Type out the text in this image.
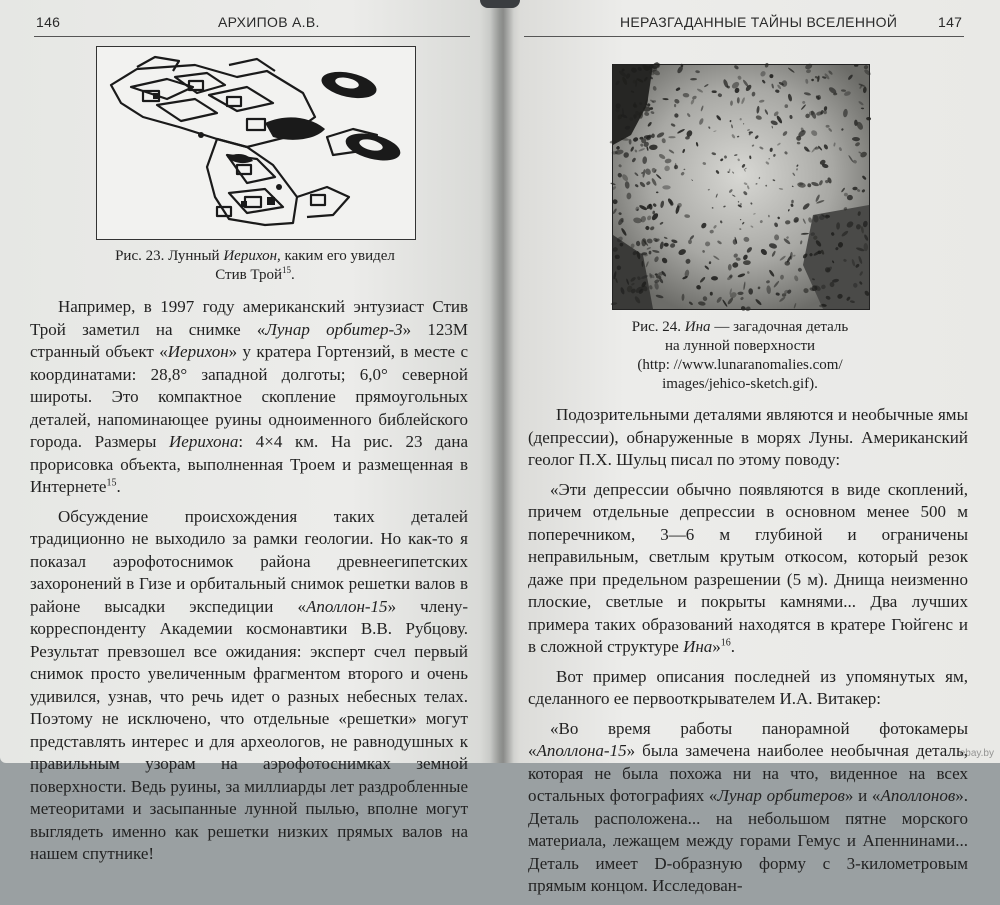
146	АРХИПОВ А.В.
Рис. 23. Лунный Иерихон, каким его увидел
Стив Трой$^{15}$.

Например, в 1997 году американский энтузиаст Стив Трой заметил на снимке «Лунар орбитер-3» 123М странный объект «Иерихон» у кратера Гортензий, в месте с координатами: 28,8° западной долготы; 6,0° северной широты. Это компактное скопление прямоугольных деталей, напоминающее руины одноименного библейского города. Размеры Иерихона: 4×4 км. На рис. 23 дана прорисовка объекта, выполненная Троем и размещенная в Интернете$^{15}$.

Обсуждение происхождения таких деталей традиционно не выходило за рамки геологии. Но как-то я показал аэрофотоснимок района древнеегипетских захоронений в Гизе и орбитальный снимок решетки валов в районе высадки экспедиции «Аполлон-15» члену-корреспонденту Академии космонавтики В.В. Рубцову. Результат превзошел все ожидания: эксперт счел первый снимок просто увеличенным фрагментом второго и очень удивился, узнав, что речь идет о разных небесных телах. Поэтому не исключено, что отдельные «решетки» могут представлять интерес и для археологов, не равнодушных к правильным узорам на аэрофотоснимках земной поверхности. Ведь руины, за миллиарды лет раздробленные метеоритами и засыпанные лунной пылью, вполне могут выглядеть именно как решетки низких прямых валов на нашем спутнике!

НЕРАЗГАДАННЫЕ ТАЙНЫ ВСЕЛЕННОЙ	147
Рис. 24. Ина — загадочная деталь
на лунной поверхности
(http: //www.lunaranomalies.com/
images/jehico-sketch.gif).

Подозрительными деталями являются и необычные ямы (депрессии), обнаруженные в морях Луны. Американский геолог П.Х. Шульц писал по этому поводу:

«Эти депрессии обычно появляются в виде скоплений, причем отдельные депрессии в основном менее 500 м поперечником, 3—6 м глубиной и ограничены неправильным, светлым крутым откосом, который резок даже при предельном разрешении (5 м). Днища неизменно плоские, светлые и покрыты камнями... Два лучших примера таких образований находятся в кратере Гюйгенс и в сложной структуре Ина»$^{16}$.

Вот пример описания последней из упомянутых ям, сделанного ее первооткрывателем И.А. Витакер:

«Во время работы панорамной фотокамеры «Аполлона-15» была замечена наиболее необычная деталь, которая не была похожа ни на что, виденное на всех остальных фотографиях «Лунар орбитеров» и «Аполлонов». Деталь расположена... на небольшом пятне морского материала, лежащем между горами Гемус и Апеннинами... Деталь имеет D-образную форму с 3-километровым прямым концом. Исследован-

ebay.by
